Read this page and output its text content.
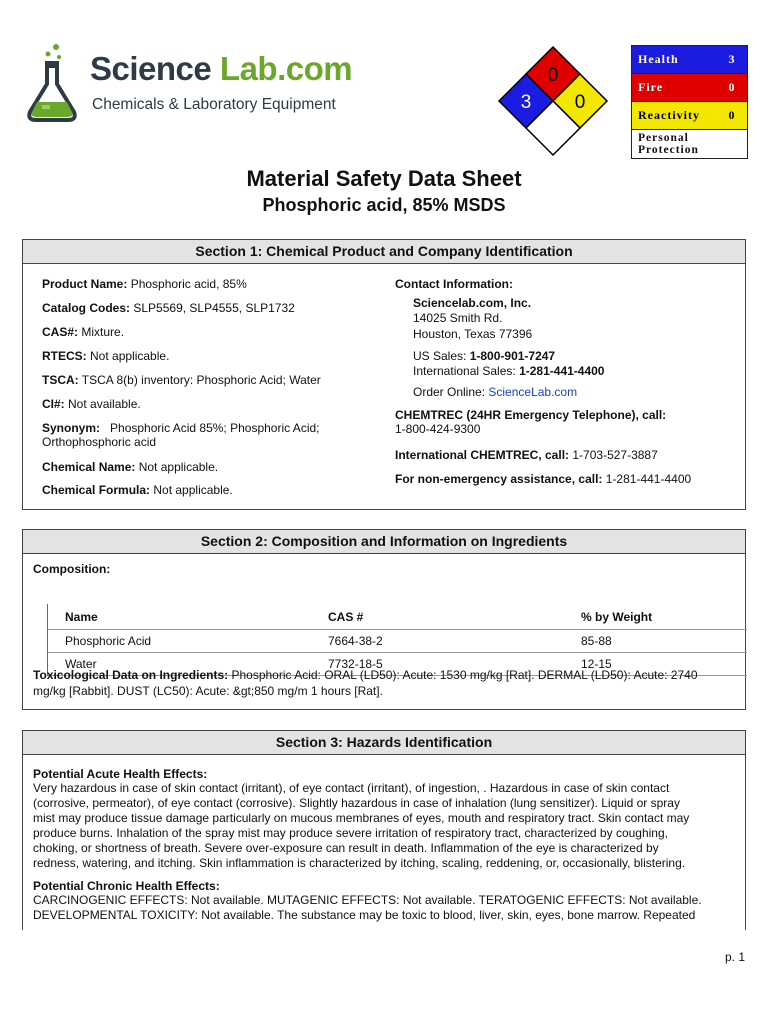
Science Lab.com
Chemicals & Laboratory Equipment
0
3 0
Health	3
Fire	0
Reactivity	0
Personal
Protection
Material Safety Data Sheet
Phosphoric acid, 85% MSDS
Section 1: Chemical Product and Company Identification
Product Name: Phosphoric acid, 85%
Catalog Codes: SLP5569, SLP4555, SLP1732
CAS#: Mixture.
RTECS: Not applicable.
TSCA: TSCA 8(b) inventory: Phosphoric Acid; Water
CI#: Not available.
Synonym: Phosphoric Acid 85%; Phosphoric Acid;
Orthophosphoric acid
Chemical Name: Not applicable.
Chemical Formula: Not applicable.
Contact Information:
Sciencelab.com, Inc.
14025 Smith Rd.
Houston, Texas 77396
US Sales: 1-800-901-7247
International Sales: 1-281-441-4400
Order Online: ScienceLab.com
CHEMTREC (24HR Emergency Telephone), call:
1-800-424-9300
International CHEMTREC, call: 1-703-527-3887
For non-emergency assistance, call: 1-281-441-4400
Section 2: Composition and Information on Ingredients
Composition:
Name	CAS #	% by Weight
Phosphoric Acid	7664-38-2	85-88
Water	7732-18-5	12-15
Toxicological Data on Ingredients: Phosphoric Acid: ORAL (LD50): Acute: 1530 mg/kg [Rat]. DERMAL (LD50): Acute: 2740
mg/kg [Rabbit]. DUST (LC50): Acute: &gt;850 mg/m 1 hours [Rat].
Section 3: Hazards Identification
Potential Acute Health Effects:
Very hazardous in case of skin contact (irritant), of eye contact (irritant), of ingestion, . Hazardous in case of skin contact
(corrosive, permeator), of eye contact (corrosive). Slightly hazardous in case of inhalation (lung sensitizer). Liquid or spray
mist may produce tissue damage particularly on mucous membranes of eyes, mouth and respiratory tract. Skin contact may
produce burns. Inhalation of the spray mist may produce severe irritation of respiratory tract, characterized by coughing,
choking, or shortness of breath. Severe over-exposure can result in death. Inflammation of the eye is characterized by
redness, watering, and itching. Skin inflammation is characterized by itching, scaling, reddening, or, occasionally, blistering.
Potential Chronic Health Effects:
CARCINOGENIC EFFECTS: Not available. MUTAGENIC EFFECTS: Not available. TERATOGENIC EFFECTS: Not available.
DEVELOPMENTAL TOXICITY: Not available. The substance may be toxic to blood, liver, skin, eyes, bone marrow. Repeated
p. 1
